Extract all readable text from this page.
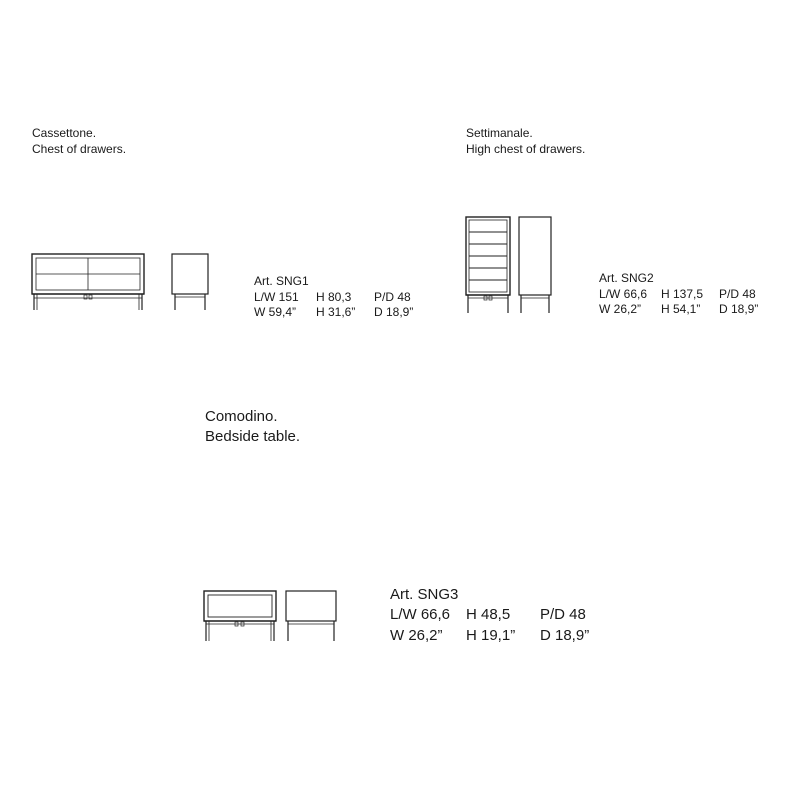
Cassettone.
Chest of drawers.
Art. SNG1
L/W 151	H 80,3	P/D 48
W 59,4”	H 31,6”	D 18,9”
Settimanale.
High chest of drawers.
Art. SNG2
L/W 66,6	H 137,5	P/D 48
W 26,2”	H 54,1”	D 18,9”
Comodino.
Bedside table.
Art. SNG3
L/W 66,6	H 48,5	P/D 48
W 26,2”	H 19,1”	D 18,9”
